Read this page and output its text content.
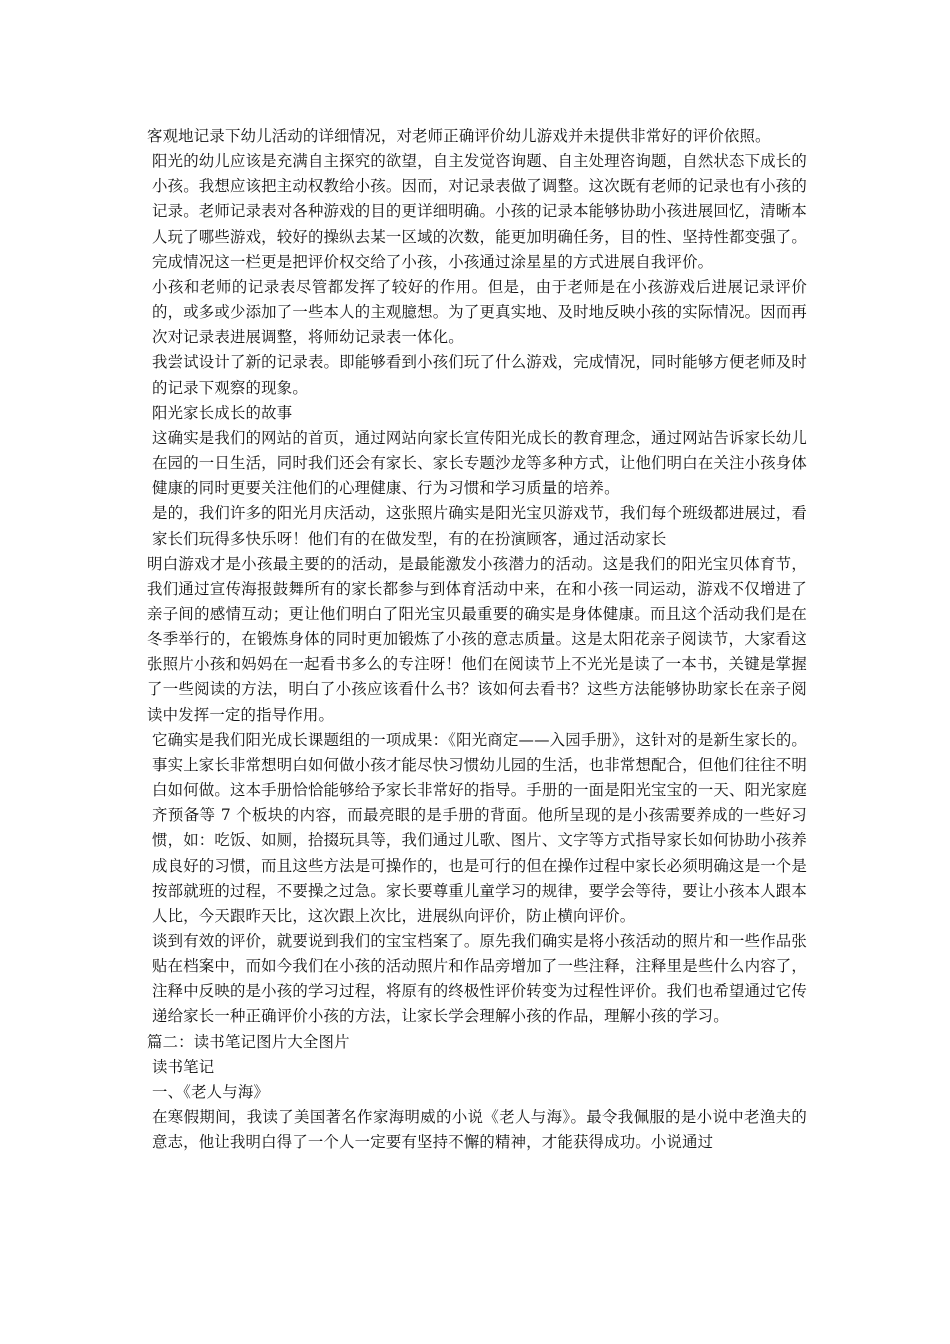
客观地记录下幼儿活动的详细情况，对老师正确评价幼儿游戏并未提供非常好的评价依照。

阳光的幼儿应该是充满自主探究的欲望，自主发觉咨询题、自主处理咨询题，自然状态下成长的小孩。我想应该把主动权教给小孩。因而，对记录表做了调整。这次既有老师的记录也有小孩的记录。老师记录表对各种游戏的目的更详细明确。小孩的记录本能够协助小孩进展回忆，清晰本人玩了哪些游戏，较好的操纵去某一区域的次数，能更加明确任务，目的性、坚持性都变强了。完成情况这一栏更是把评价权交给了小孩，小孩通过涂星星的方式进展自我评价。

小孩和老师的记录表尽管都发挥了较好的作用。但是，由于老师是在小孩游戏后进展记录评价的，或多或少添加了一些本人的主观臆想。为了更真实地、及时地反映小孩的实际情况。因而再次对记录表进展调整，将师幼记录表一体化。

我尝试设计了新的记录表。即能够看到小孩们玩了什么游戏，完成情况，同时能够方便老师及时的记录下观察的现象。

阳光家长成长的故事

这确实是我们的网站的首页，通过网站向家长宣传阳光成长的教育理念，通过网站告诉家长幼儿在园的一日生活，同时我们还会有家长、家长专题沙龙等多种方式，让他们明白在关注小孩身体健康的同时更要关注他们的心理健康、行为习惯和学习质量的培养。

是的，我们许多的阳光月庆活动，这张照片确实是阳光宝贝游戏节，我们每个班级都进展过，看家长们玩得多快乐呀！他们有的在做发型，有的在扮演顾客，通过活动家长

明白游戏才是小孩最主要的的活动，是最能激发小孩潜力的活动。这是我们的阳光宝贝体育节，我们通过宣传海报鼓舞所有的家长都参与到体育活动中来，在和小孩一同运动，游戏不仅增进了亲子间的感情互动；更让他们明白了阳光宝贝最重要的确实是身体健康。而且这个活动我们是在冬季举行的，在锻炼身体的同时更加锻炼了小孩的意志质量。这是太阳花亲子阅读节，大家看这张照片小孩和妈妈在一起看书多么的专注呀！他们在阅读节上不光光是读了一本书，关键是掌握了一些阅读的方法，明白了小孩应该看什么书？该如何去看书？这些方法能够协助家长在亲子阅读中发挥一定的指导作用。

它确实是我们阳光成长课题组的一项成果：《阳光商定——入园手册》，这针对的是新生家长的。事实上家长非常想明白如何做小孩才能尽快习惯幼儿园的生活，也非常想配合，但他们往往不明白如何做。这本手册恰恰能够给予家长非常好的指导。手册的一面是阳光宝宝的一天、阳光家庭齐预备等 7 个板块的内容，而最亮眼的是手册的背面。他所呈现的是小孩需要养成的一些好习惯，如：吃饭、如厕，拾掇玩具等，我们通过儿歌、图片、文字等方式指导家长如何协助小孩养成良好的习惯，而且这些方法是可操作的，也是可行的但在操作过程中家长必须明确这是一个是按部就班的过程，不要操之过急。家长要尊重儿童学习的规律，要学会等待，要让小孩本人跟本人比，今天跟昨天比，这次跟上次比，进展纵向评价，防止横向评价。

谈到有效的评价，就要说到我们的宝宝档案了。原先我们确实是将小孩活动的照片和一些作品张贴在档案中，而如今我们在小孩的活动照片和作品旁增加了一些注释，注释里是些什么内容了，注释中反映的是小孩的学习过程，将原有的终极性评价转变为过程性评价。我们也希望通过它传递给家长一种正确评价小孩的方法，让家长学会理解小孩的作品，理解小孩的学习。

篇二：读书笔记图片大全图片

读书笔记

一、《老人与海》

在寒假期间，我读了美国著名作家海明威的小说《老人与海》。最令我佩服的是小说中老渔夫的意志，他让我明白得了一个人一定要有坚持不懈的精神，才能获得成功。小说通过
